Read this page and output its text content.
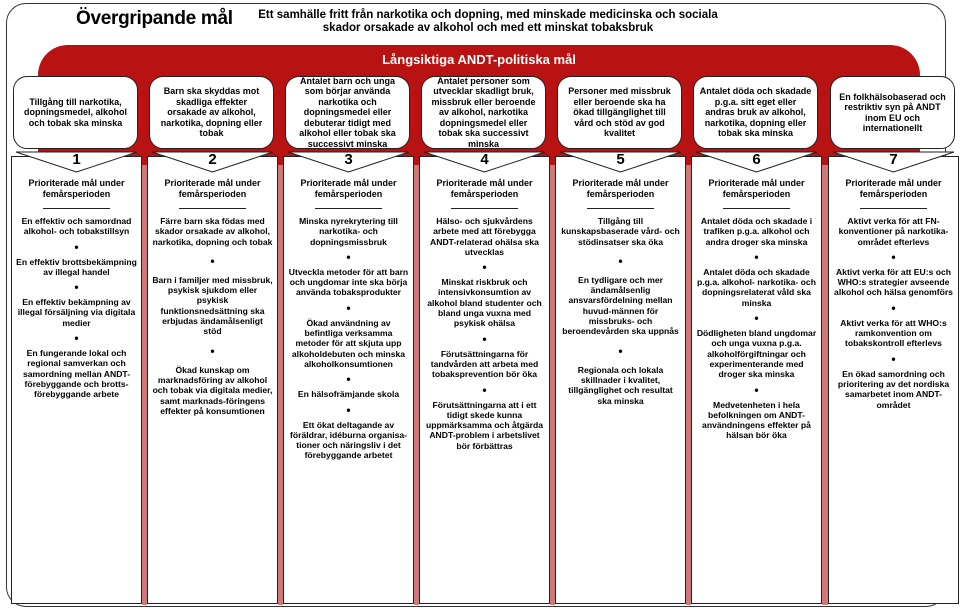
Övergripande mål Ett samhälle fritt från narkotika och dopning, med minskade medicinska och sociala skador orsakade av alkohol och med ett minskat tobaksbruk
Långsiktiga ANDT-politiska mål
Tillgång till narkotika, dopningsmedel, alkohol och tobak ska minska
1
Prioriterade mål under femårsperioden
En effektiv och samordnad alkohol- och tobakstillsyn
•
En effektiv brottsbekämpning av illegal handel
•
En effektiv bekämpning av illegal försäljning via digitala medier
•
En fungerande lokal och regional samverkan och samordning mellan ANDT-förebyggande och brotts-förebyggande arbete
Barn ska skyddas mot skadliga effekter orsakade av alkohol, narkotika, dopning eller tobak
2
Prioriterade mål under femårsperioden
Färre barn ska födas med skador orsakade av alkohol, narkotika, dopning och tobak
•
Barn i familjer med missbruk, psykisk sjukdom eller psykisk funktionsnedsättning ska erbjudas ändamålsenligt stöd
•
Ökad kunskap om marknadsföring av alkohol och tobak via digitala medier, samt marknads-föringens effekter på konsumtionen
Antalet barn och unga som börjar använda narkotika och dopningsmedel eller debuterar tidigt med alkohol eller tobak ska successivt minska
3
Prioriterade mål under femårsperioden
Minska nyrekrytering till narkotika- och dopningsmissbruk
•
Utveckla metoder för att barn och ungdomar inte ska börja använda tobaksprodukter
•
Ökad användning av befintliga verksamma metoder för att skjuta upp alkoholdebuten och minska alkoholkonsumtionen
•
En hälsofrämjande skola
•
Ett ökat deltagande av föräldrar, idéburna organisa-tioner och näringsliv i det förebyggande arbetet
Antalet personer som utvecklar skadligt bruk, missbruk eller beroende av alkohol, narkotika dopningsmedel eller tobak ska successivt minska
4
Prioriterade mål under femårsperioden
Hälso- och sjukvårdens arbete med att förebygga ANDT-relaterad ohälsa ska utvecklas
•
Minskat riskbruk och intensivkonsumtion av alkohol bland studenter och bland unga vuxna med psykisk ohälsa
•
Förutsättningarna för tandvården att arbeta med tobaksprevention bör öka
•
Förutsättningarna att i ett tidigt skede kunna uppmärksamma och åtgärda ANDT-problem i arbetslivet bör förbättras
Personer med missbruk eller beroende ska ha ökad tillgänglighet till vård och stöd av god kvalitet
5
Prioriterade mål under femårsperioden
Tillgång till kunskapsbaserade vård- och stödinsatser ska öka
•
En tydligare och mer ändamålsenlig ansvarsfördelning mellan huvud-männen för missbruks- och beroendevården ska uppnås
•
Regionala och lokala skillnader i kvalitet, tillgänglighet och resultat ska minska
Antalet döda och skadade p.g.a. sitt eget eller andras bruk av alkohol, narkotika, dopning eller tobak ska minska
6
Prioriterade mål under femårsperioden
Antalet döda och skadade i trafiken p.g.a. alkohol och andra droger ska minska
•
Antalet döda och skadade p.g.a. alkohol- narkotika- och dopningsrelaterat våld ska minska
•
Dödligheten bland ungdomar och unga vuxna p.g.a. alkoholförgiftningar och experimenterande med droger ska minska
•
Medvetenheten i hela befolkningen om ANDT-användningens effekter på hälsan bör öka
En folkhälsobaserad och restriktiv syn på ANDT inom EU och internationellt
7
Prioriterade mål under femårsperioden
Aktivt verka för att FN-konventioner på narkotika-området efterlevs
•
Aktivt verka för att EU:s och WHO:s strategier avseende alkohol och hälsa genomförs
•
Aktivt verka för att WHO:s ramkonvention om tobakskontroll efterlevs
•
En ökad samordning och prioritering av det nordiska samarbetet inom ANDT-området
